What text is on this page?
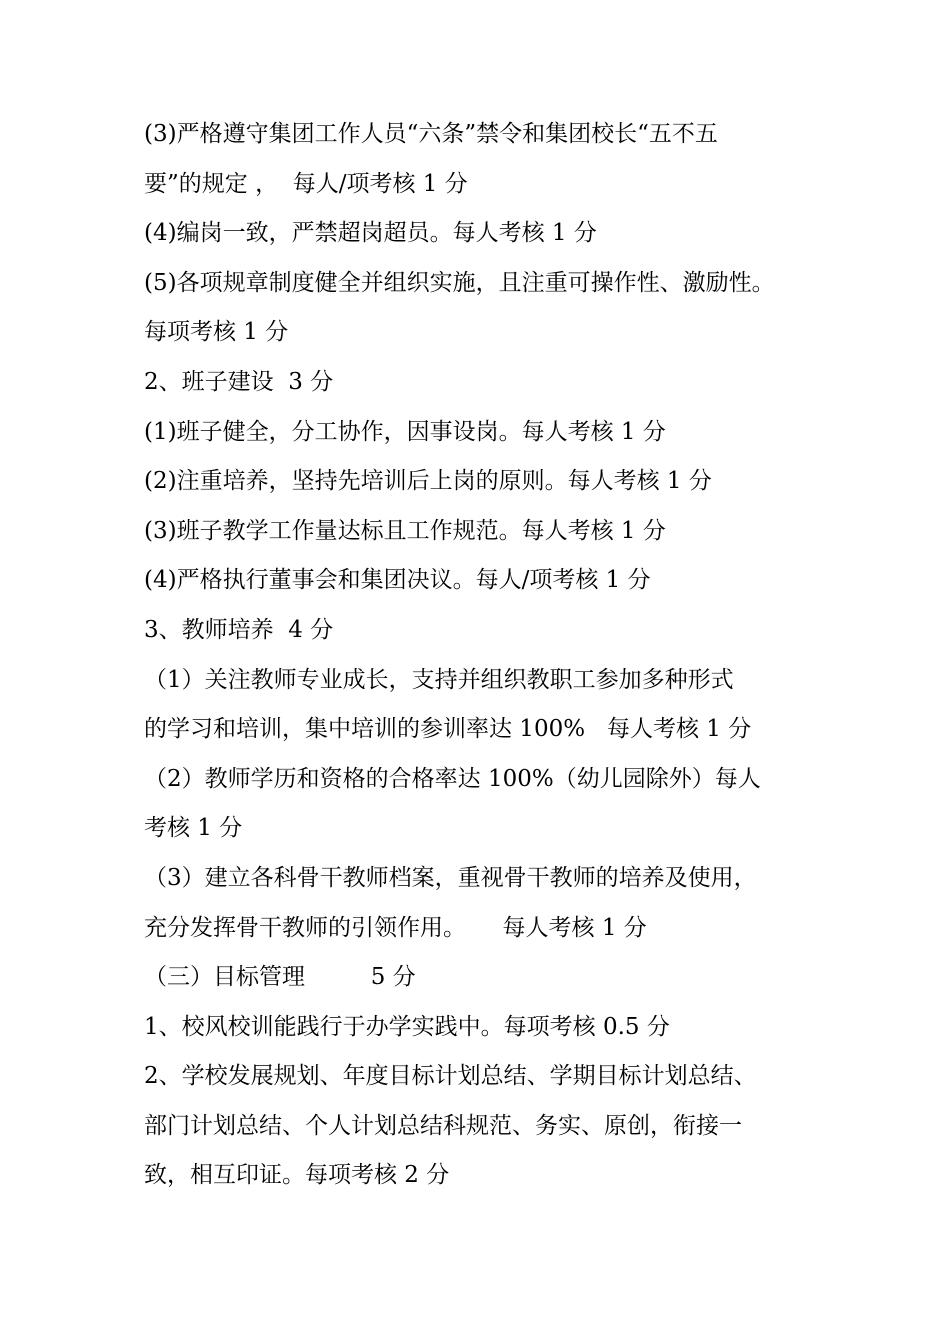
(3)严格遵守集团工作人员“六条”禁令和集团校长“五不五
要”的规定 ，  每人/项考核 1 分
(4)编岗一致，严禁超岗超员。每人考核 1 分
(5)各项规章制度健全并组织实施，且注重可操作性、激励性。
每项考核 1 分
2、班子建设  3 分
(1)班子健全，分工协作，因事设岗。每人考核 1 分
(2)注重培养，坚持先培训后上岗的原则。每人考核 1 分
(3)班子教学工作量达标且工作规范。每人考核 1 分
(4)严格执行董事会和集团决议。每人/项考核 1 分
3、教师培养  4 分
（1）关注教师专业成长，支持并组织教职工参加多种形式
的学习和培训，集中培训的参训率达 100%   每人考核 1 分
（2）教师学历和资格的合格率达 100%（幼儿园除外）每人
考核 1 分
（3）建立各科骨干教师档案，重视骨干教师的培养及使用，
充分发挥骨干教师的引领作用。     每人考核 1 分
（三）目标管理         5 分
1、校风校训能践行于办学实践中。每项考核 0.5 分
2、学校发展规划、年度目标计划总结、学期目标计划总结、
部门计划总结、个人计划总结科规范、务实、原创，衔接一
致，相互印证。每项考核 2 分
